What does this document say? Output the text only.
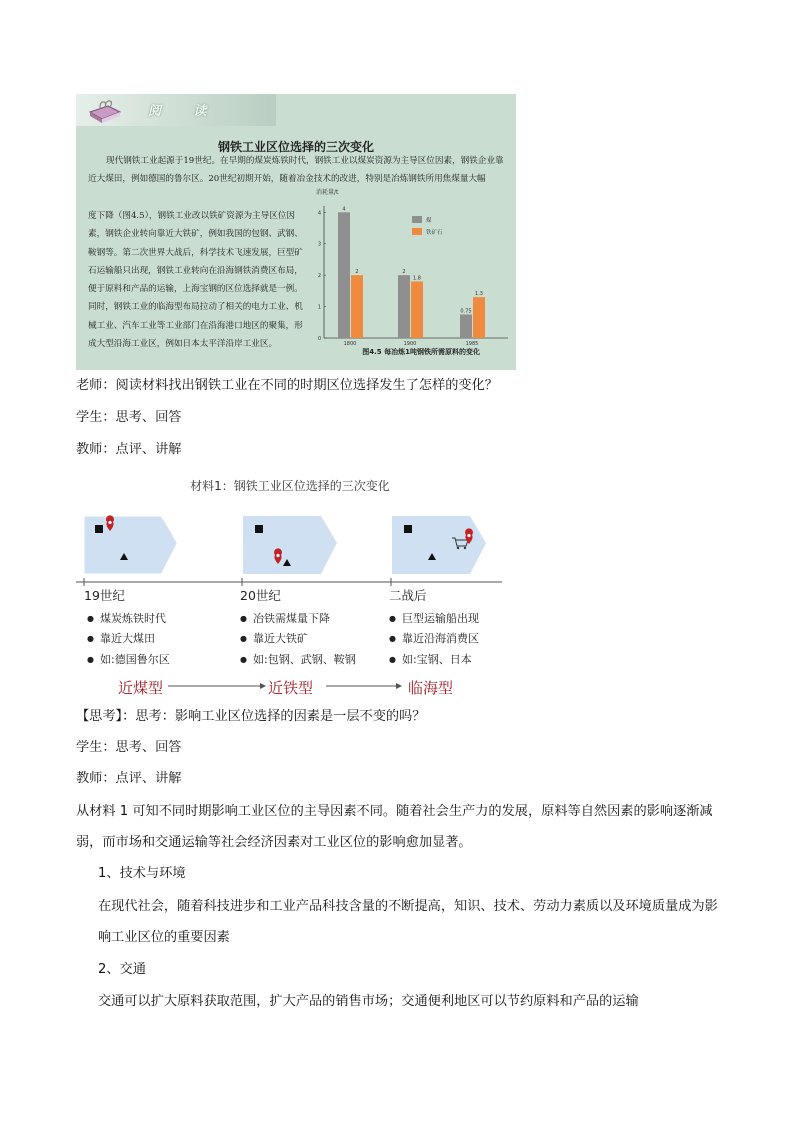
阅 读
钢铁工业区位选择的三次变化

现代钢铁工业起源于19世纪。在早期的煤炭炼铁时代，钢铁工业以煤炭资源为主导区位因素，钢铁企业靠近大煤田，例如德国的鲁尔区。20世纪初期开始，随着冶金技术的改进，特别是冶炼钢铁所用焦煤量大幅

度下降（图4.5），钢铁工业改以铁矿资源为主导区位因素，钢铁企业转向靠近大铁矿，例如我国的包钢、武钢、鞍钢等。第二次世界大战后，科学技术飞速发展，巨型矿石运输船只出现，钢铁工业转向在沿海钢铁消费区布局，便于原料和产品的运输，上海宝钢的区位选择就是一例。同时，钢铁工业的临海型布局拉动了相关的电力工业、机械工业、汽车工业等工业部门在沿海港口地区的聚集，形成大型沿海工业区，例如日本太平洋沿岸工业区。

消耗量/t
0
1
2
3
4
4
2
1800
2
1.8
1900
0.75
1.3
1985
煤
铁矿石
图4.5 每冶炼1吨钢铁所需原料的变化
老师：阅读材料找出钢铁工业在不同的时期区位选择发生了怎样的变化？
学生：思考、回答
教师：点评、讲解
材料1：钢铁工业区位选择的三次变化
19世纪	20世纪	二战后
● 煤炭炼铁时代
● 靠近大煤田
● 如:德国鲁尔区
● 冶铁需煤量下降
● 靠近大铁矿
● 如:包钢、武钢、鞍钢
● 巨型运输船出现
● 靠近沿海消费区
● 如:宝钢、日本
近煤型	近铁型	临海型
【思考】：思考：影响工业区位选择的因素是一层不变的吗？
学生：思考、回答
教师：点评、讲解

从材料 1 可知不同时期影响工业区位的主导因素不同。随着社会生产力的发展，原料等自然因素的影响逐渐减弱，而市场和交通运输等社会经济因素对工业区位的影响愈加显著。

1、技术与环境

在现代社会，随着科技进步和工业产品科技含量的不断提高，知识、技术、劳动力素质以及环境质量成为影响工业区位的重要因素

2、交通

交通可以扩大原料获取范围，扩大产品的销售市场；交通便利地区可以节约原料和产品的运输
